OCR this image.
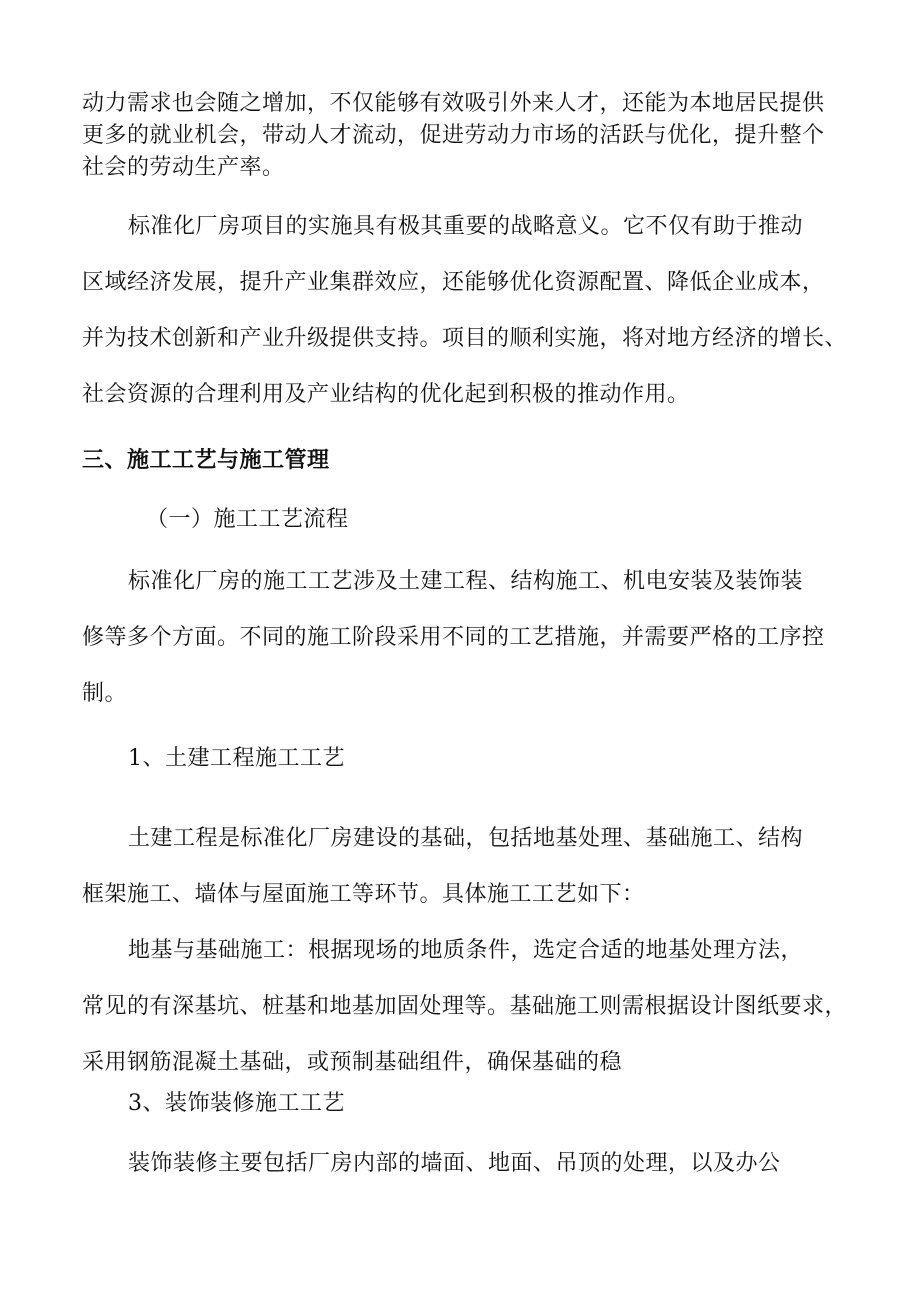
动力需求也会随之增加，不仅能够有效吸引外来人才，还能为本地居民提供
更多的就业机会，带动人才流动，促进劳动力市场的活跃与优化，提升整个
社会的劳动生产率。
标准化厂房项目的实施具有极其重要的战略意义。它不仅有助于推动
区域经济发展，提升产业集群效应，还能够优化资源配置、降低企业成本，
并为技术创新和产业升级提供支持。项目的顺利实施，将对地方经济的增长、
社会资源的合理利用及产业结构的优化起到积极的推动作用。
三、施工工艺与施工管理
（一）施工工艺流程
标准化厂房的施工工艺涉及土建工程、结构施工、机电安装及装饰装
修等多个方面。不同的施工阶段采用不同的工艺措施，并需要严格的工序控
制。
1、土建工程施工工艺
土建工程是标准化厂房建设的基础，包括地基处理、基础施工、结构
框架施工、墙体与屋面施工等环节。具体施工工艺如下：
地基与基础施工：根据现场的地质条件，选定合适的地基处理方法，
常见的有深基坑、桩基和地基加固处理等。基础施工则需根据设计图纸要求，
采用钢筋混凝土基础，或预制基础组件，确保基础的稳
3、装饰装修施工工艺
装饰装修主要包括厂房内部的墙面、地面、吊顶的处理，以及办公
